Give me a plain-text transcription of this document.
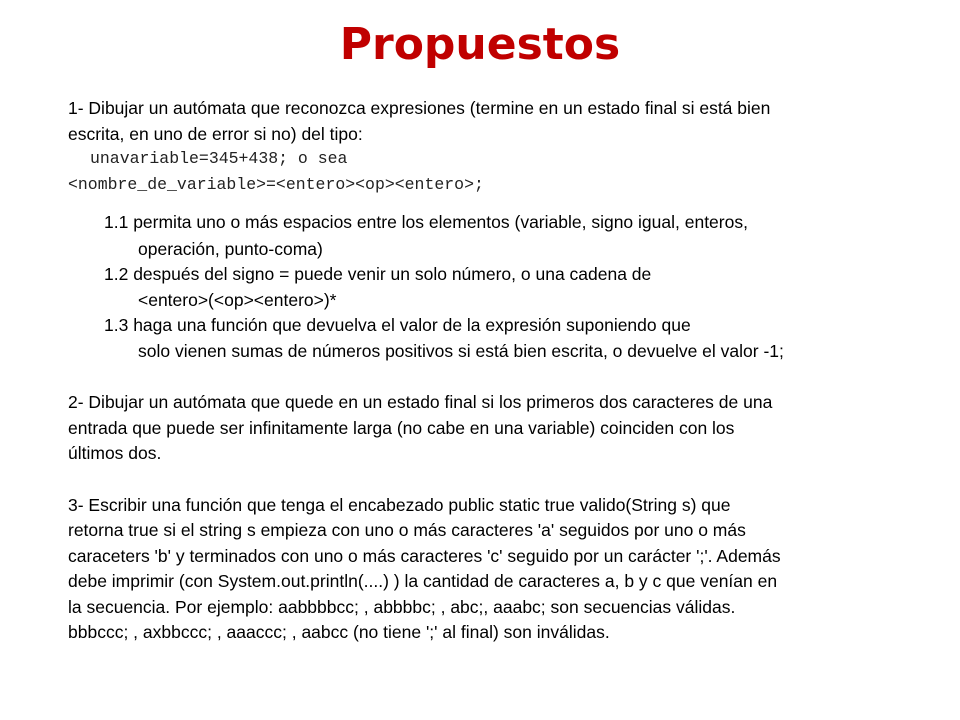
Propuestos
1- Dibujar un autómata que reconozca expresiones (termine en un estado final si está bien
escrita, en uno de error si no) del tipo:
unavariable=345+438; o sea
<nombre_de_variable>=<entero><op><entero>;
1.1 permita uno o más espacios entre los elementos (variable, signo igual, enteros,
operación, punto-coma)
1.2 después del signo = puede venir un solo número, o una cadena de
<entero>(<op><entero>)*
1.3 haga una función que devuelva el valor de la expresión suponiendo que
solo vienen sumas de números positivos si está bien escrita, o devuelve el valor -1;
2- Dibujar un autómata que quede en un estado final si los primeros dos caracteres de una
entrada que puede ser infinitamente larga (no cabe en una variable) coinciden con los
últimos dos.
3- Escribir una función que tenga el encabezado public static true valido(String s) que
retorna true si el string s empieza con uno o más caracteres 'a' seguidos por uno o más
caraceters 'b' y terminados con uno o más caracteres 'c' seguido por un carácter ';'. Además
debe imprimir (con System.out.println(....) ) la cantidad de caracteres a, b y c que venían en
la secuencia. Por ejemplo: aabbbbcc; , abbbbc; , abc;, aaabc; son secuencias válidas.
bbbccc; , axbbccc; , aaaccc; , aabcc (no tiene ';' al final) son inválidas.
